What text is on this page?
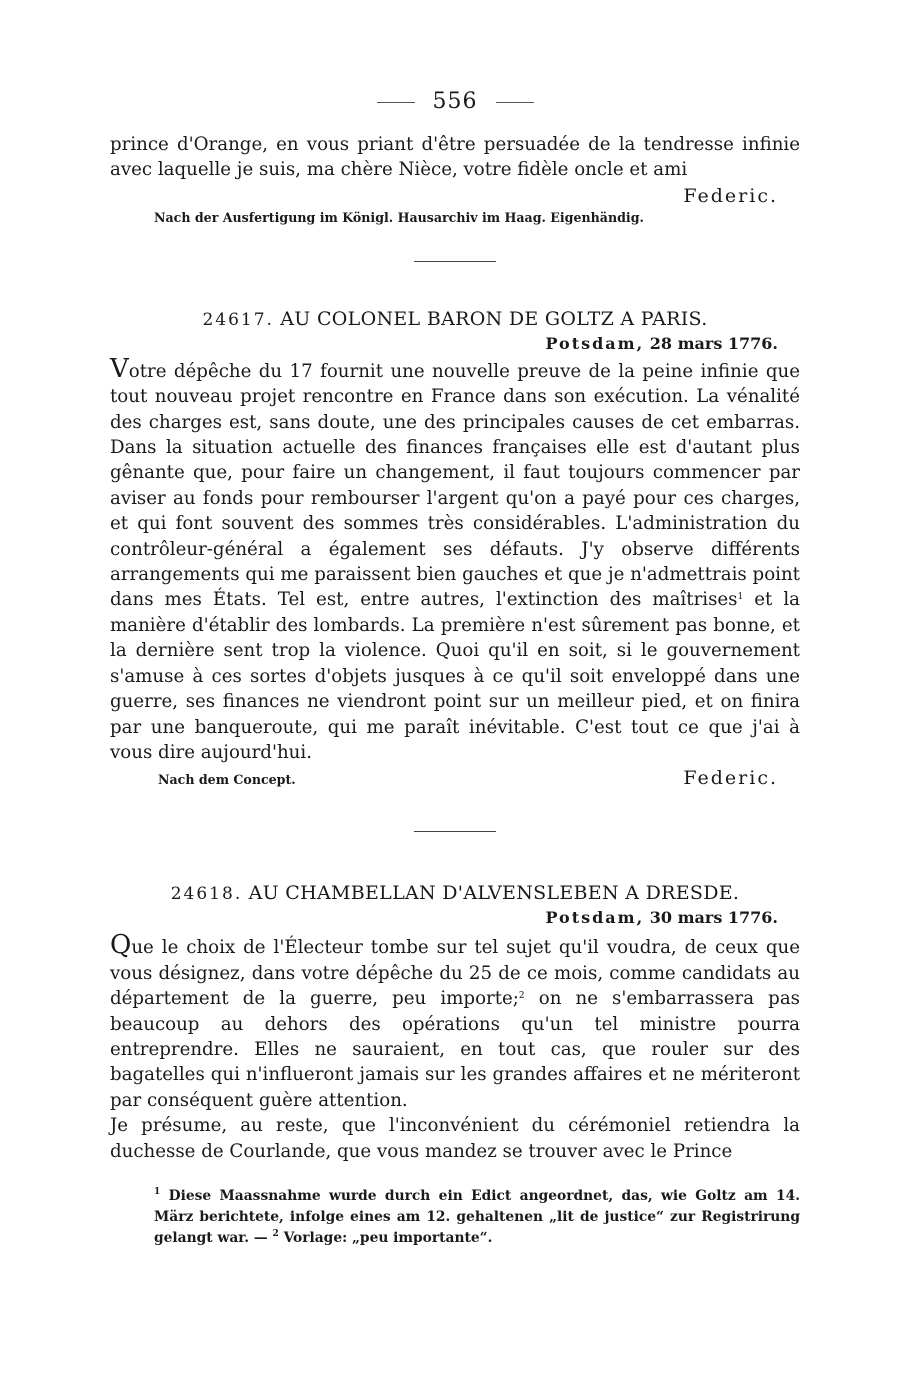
556

prince d'Orange, en vous priant d'être persuadée de la tendresse infinie

avec laquelle je suis, ma chère Nièce, votre fidèle oncle et ami

Federic.
Nach der Ausfertigung im Königl. Hausarchiv im Haag. Eigenhändig.
24617. AU COLONEL BARON DE GOLTZ A PARIS.
Potsdam, 28 mars 1776.

Votre dépêche du 17 fournit une nouvelle preuve de la peine infinie que tout nouveau projet rencontre en France dans son exécution. La vénalité des charges est, sans doute, une des principales causes de cet embarras. Dans la situation actuelle des finances françaises elle est d'autant plus gênante que, pour faire un changement, il faut toujours commencer par aviser au fonds pour rembourser l'argent qu'on a payé pour ces charges, et qui font souvent des sommes très considérables. L'administration du contrôleur-général a également ses défauts. J'y observe différents arrangements qui me paraissent bien gauches et que je n'admettrais point dans mes États. Tel est, entre autres, l'extinction des maîtrises$^1$ et la manière d'établir des lombards. La première n'est sûrement pas bonne, et la dernière sent trop la violence. Quoi qu'il en soit, si le gouvernement s'amuse à ces sortes d'objets jusques à ce qu'il soit enveloppé dans une guerre, ses finances ne viendront point sur un meilleur pied, et on finira par une banqueroute, qui me paraît inévitable. C'est tout ce que j'ai à vous dire aujourd'hui.

Nach dem Concept.	Federic.
24618. AU CHAMBELLAN D'ALVENSLEBEN A DRESDE.
Potsdam, 30 mars 1776.

Que le choix de l'Électeur tombe sur tel sujet qu'il voudra, de ceux que vous désignez, dans votre dépêche du 25 de ce mois, comme candidats au département de la guerre, peu importe;$^2$ on ne s'embarrassera pas beaucoup au dehors des opérations qu'un tel ministre pourra entreprendre. Elles ne sauraient, en tout cas, que rouler sur des bagatelles qui n'influeront jamais sur les grandes affaires et ne mériteront par conséquent guère attention.

Je présume, au reste, que l'inconvénient du cérémoniel retiendra la duchesse de Courlande, que vous mandez se trouver avec le Prince

$^1$ Diese Maassnahme wurde durch ein Edict angeordnet, das, wie Goltz am 14. März berichtete, infolge eines am 12. gehaltenen „lit de justice“ zur Registrirung gelangt war. — $^2$ Vorlage: „peu importante“.
